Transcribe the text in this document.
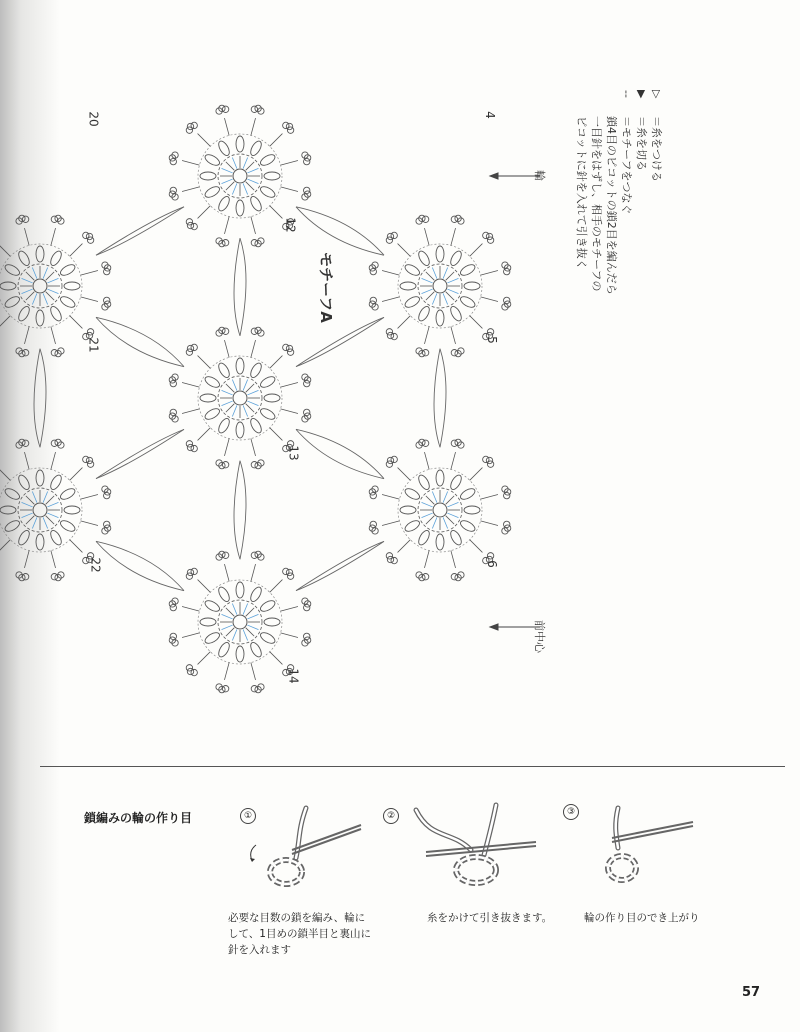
モチーフA
20
12
4
21	5
13
22	6
14
輪
前中心
▷＝糸をつける
▶＝糸を切る
--＝モチーフをつなぐ
鎖4目のピコットの鎖2目を編んだら
一目針をはずし、相手のモチーフの
ピコットに針を入れて引き抜く
鎖編みの輪の作り目	①	②	③
必要な目数の鎖を編み、輪に
して、1目めの鎖半目と裏山に
針を入れます
糸をかけて引き抜きます。	輪の作り目のでき上がり
57
